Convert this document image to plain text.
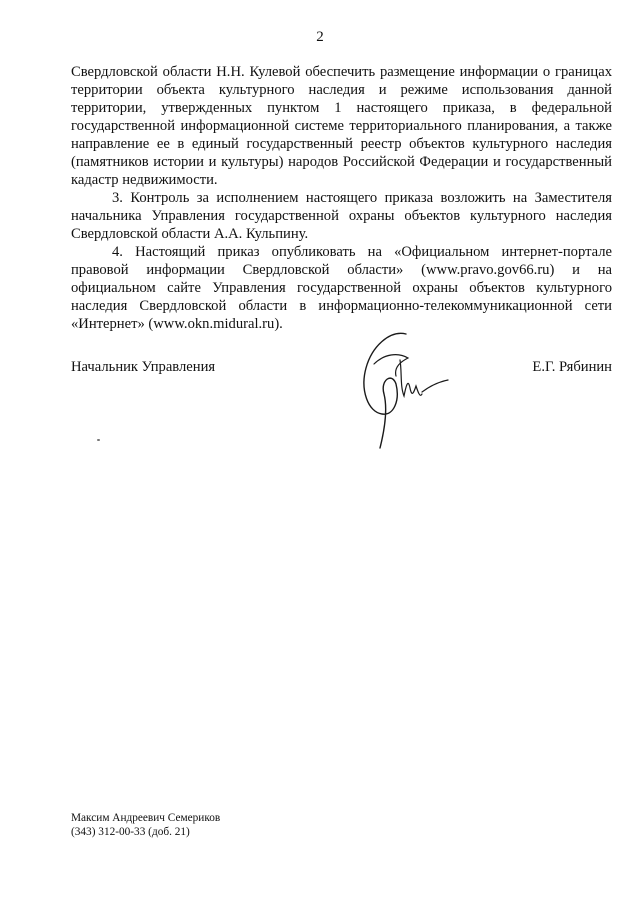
2

Свердловской области Н.Н. Кулевой обеспечить размещение информации о границах территории объекта культурного наследия и режиме использования данной территории, утвержденных пунктом 1 настоящего приказа, в федеральной государственной информационной системе территориального планирования, а также направление ее в единый государственный реестр объектов культурного наследия (памятников истории и культуры) народов Российской Федерации и государственный кадастр недвижимости.

3. Контроль за исполнением настоящего приказа возложить на Заместителя начальника Управления государственной охраны объектов культурного наследия Свердловской области А.А. Кульпину.

4. Настоящий приказ опубликовать на «Официальном интернет-портале правовой информации Свердловской области» (www.pravo.gov66.ru) и на официальном сайте Управления государственной охраны объектов культурного наследия Свердловской области в информационно-телекоммуникационной сети «Интернет» (www.okn.midural.ru).

Начальник Управления	Е.Г. Рябинин
Максим Андреевич Семериков
(343) 312-00-33 (доб. 21)
